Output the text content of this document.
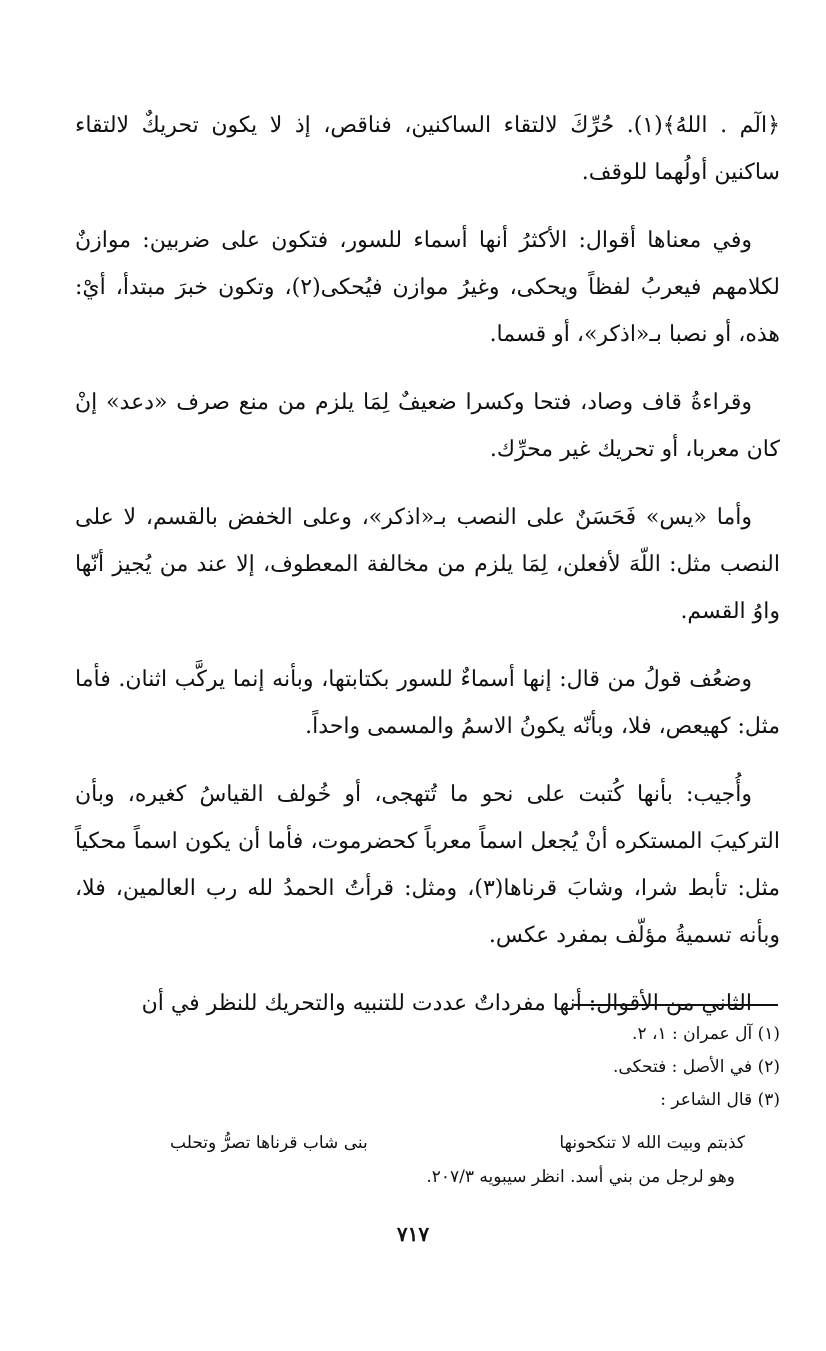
﴿الٓم . اللهُ﴾(١). حُرِّكَ لالتقاء الساكنين، فناقص، إذ لا يكون تحريكٌ لالتقاء ساكنين أولُهما للوقف.

وفي معناها أقوال: الأكثرُ أنها أسماء للسور، فتكون على ضربين: موازنٌ لكلامهم فيعربُ لفظاً ويحكى، وغيرُ موازن فيُحكى(٢)، وتكون خبرَ مبتدأ، أيْ: هذه، أو نصبا بـ«اذكر»، أو قسما.

وقراءةُ قاف وصاد، فتحا وكسرا ضعيفٌ لِمَا يلزم من منع صرف «دعد» إنْ كان معربا، أو تحريك غير محرِّك.

وأما «يس» فَحَسَنٌ على النصب بـ«اذكر»، وعلى الخفض بالقسم، لا على النصب مثل: اللّهَ لأفعلن، لِمَا يلزم من مخالفة المعطوف، إلا عند من يُجيز أنّها واوُ القسم.

وضعُف قولُ من قال: إنها أسماءٌ للسور بكتابتها، وبأنه إنما يركَّب اثنان. فأما مثل: كهيعص، فلا، وبأنّه يكونُ الاسمُ والمسمى واحداً.

وأُجيب: بأنها كُتبت على نحو ما تُتهجى، أو خُولف القياسُ كغيره، وبأن التركيبَ المستكره أنْ يُجعل اسماً معرباً كحضرموت، فأما أن يكون اسماً محكياً مثل: تأبط شرا، وشابَ قرناها(٣)، ومثل: قرأتُ الحمدُ لله رب العالمين، فلا، وبأنه تسميةُ مؤلّف بمفرد عكس.

الثاني من الأقوال: أنها مفرداتٌ عددت للتنبيه والتحريك للنظر في أن

(١) آل عمران : ١، ٢.

(٢) في الأصل : فتحكى.

(٣) قال الشاعر :

كذبتم وبيت الله لا تنكحونها
بنى شاب قرناها تصرُّ وتحلب
وهو لرجل من بني أسد. انظر سيبويه ٢٠٧/٣.
٧١٧
